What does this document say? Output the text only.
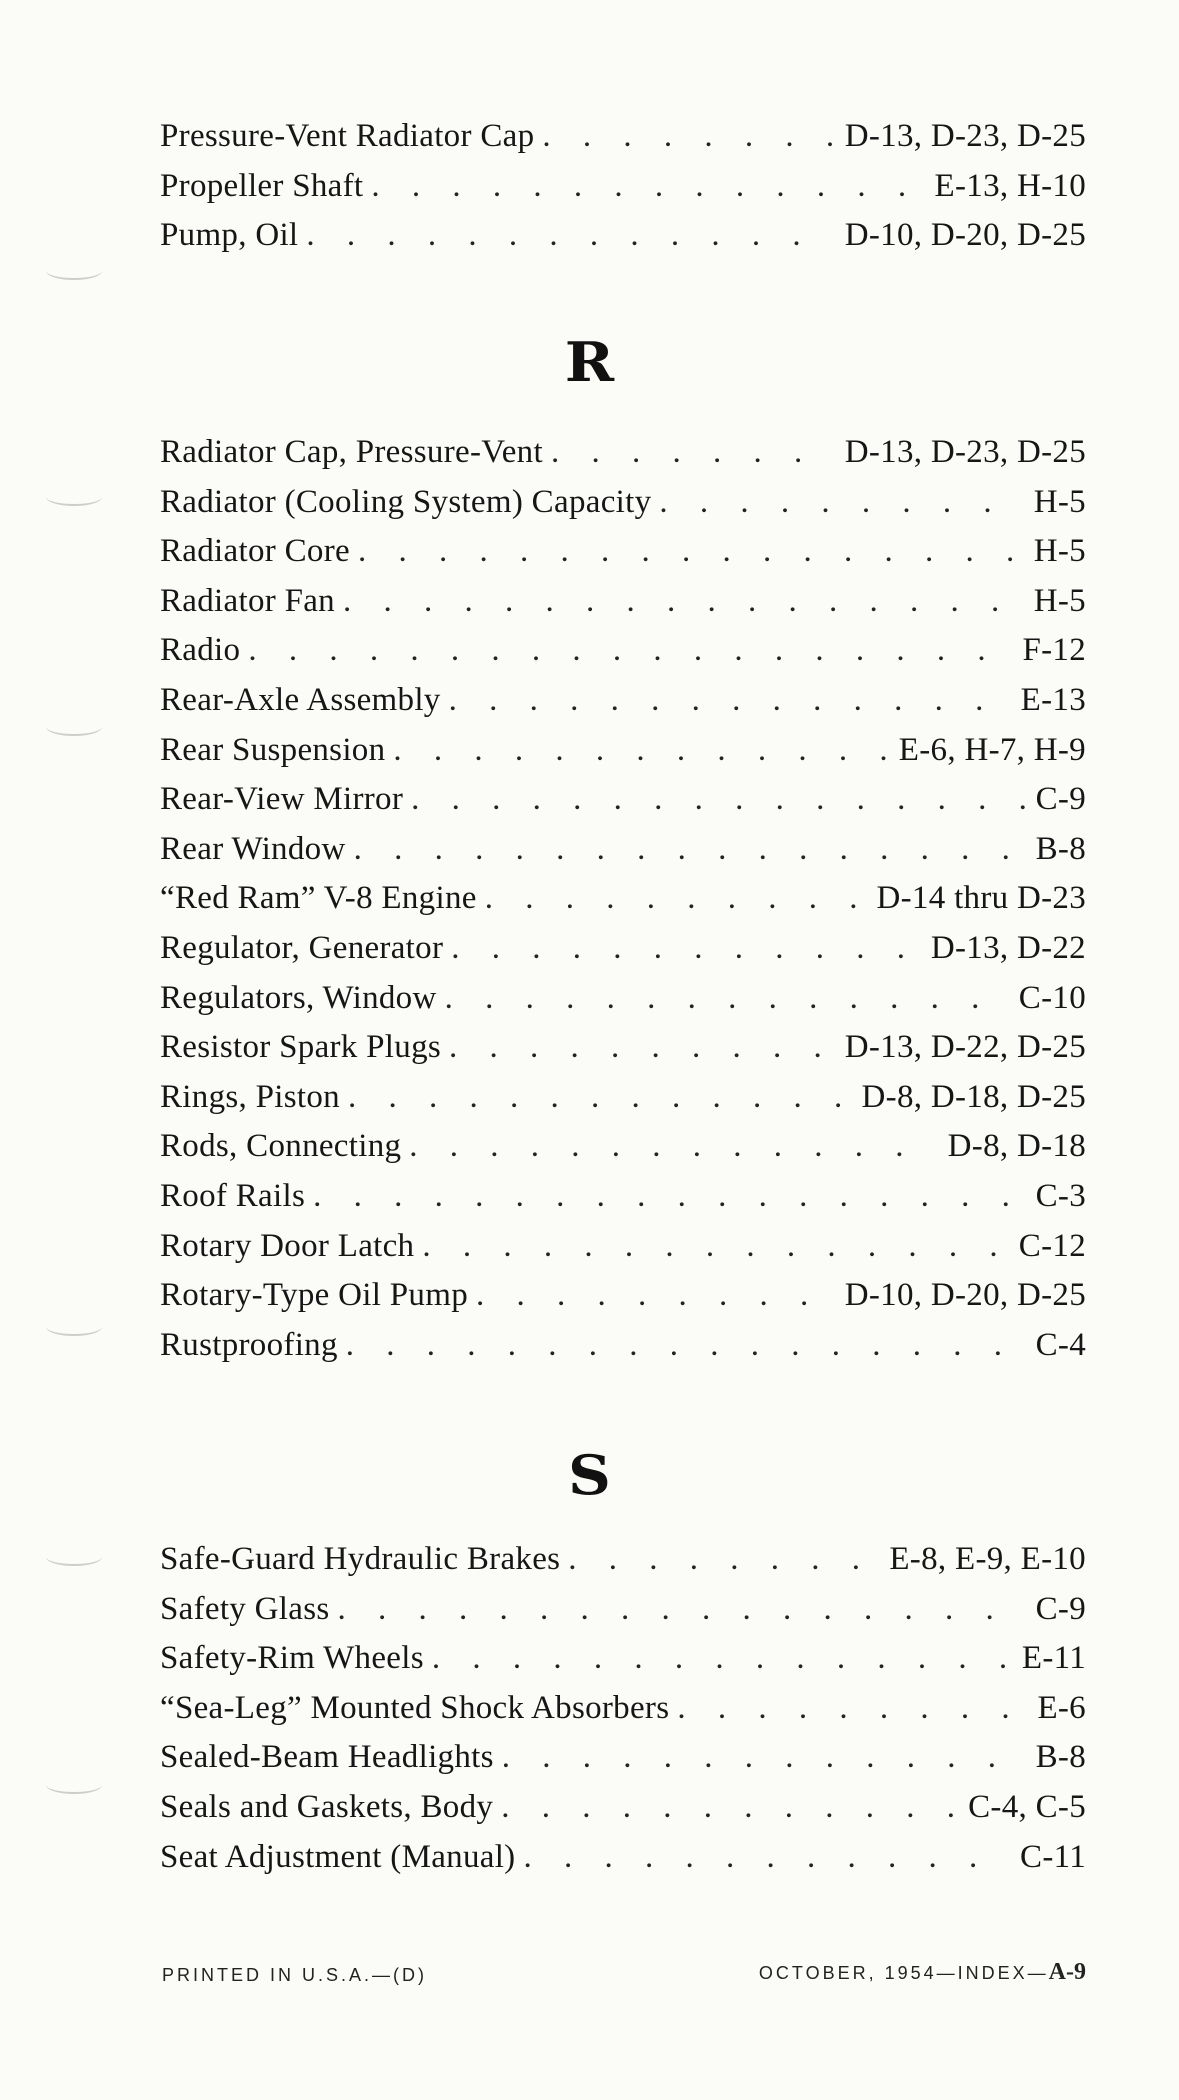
Pressure-Vent Radiator Cap . . .	D-13, D-23, D-25
Propeller Shaft . . .	E-13, H-10
Pump, Oil . . .	D-10, D-20, D-25
R
Radiator Cap, Pressure-Vent . . .	D-13, D-23, D-25
Radiator (Cooling System) Capacity . . .	H-5
Radiator Core . . .	H-5
Radiator Fan . . .	H-5
Radio . . .	F-12
Rear-Axle Assembly . . .	E-13
Rear Suspension . . .	E-6, H-7, H-9
Rear-View Mirror . . .	C-9
Rear Window . . .	B-8
“Red Ram” V-8 Engine . . .	D-14 thru D-23
Regulator, Generator . . .	D-13, D-22
Regulators, Window . . .	C-10
Resistor Spark Plugs . . .	D-13, D-22, D-25
Rings, Piston . . .	D-8, D-18, D-25
Rods, Connecting . . .	D-8, D-18
Roof Rails . . .	C-3
Rotary Door Latch . . .	C-12
Rotary-Type Oil Pump . . .	D-10, D-20, D-25
Rustproofing . . .	C-4
S
Safe-Guard Hydraulic Brakes . . .	E-8, E-9, E-10
Safety Glass . . .	C-9
Safety-Rim Wheels . . .	E-11
“Sea-Leg” Mounted Shock Absorbers . . .	E-6
Sealed-Beam Headlights . . .	B-8
Seals and Gaskets, Body . . .	C-4, C-5
Seat Adjustment (Manual) . . .	C-11
PRINTED IN U.S.A.—(D)	OCTOBER, 1954—INDEX—A-9
